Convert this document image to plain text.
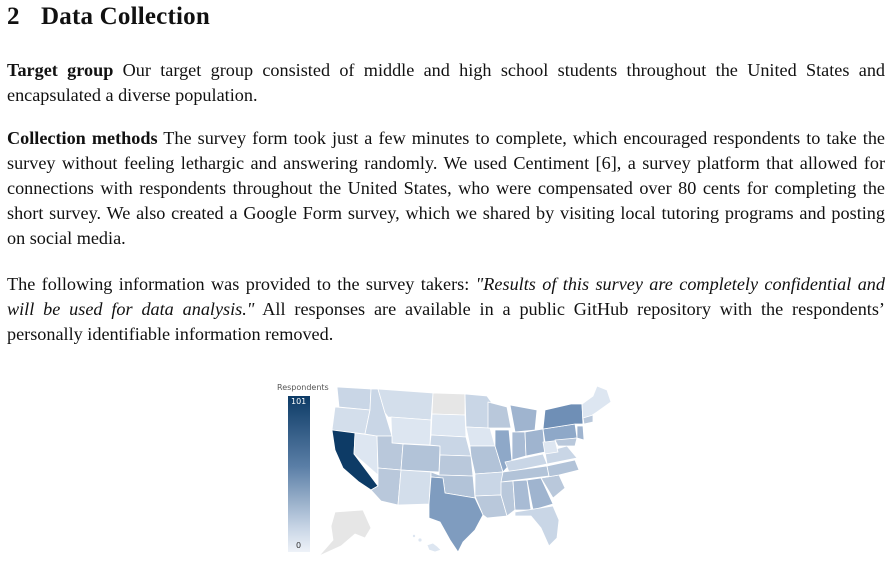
2 Data Collection

Target group Our target group consisted of middle and high school students throughout the United States and encapsulated a diverse population.

Collection methods The survey form took just a few minutes to complete, which encouraged respondents to take the survey without feeling lethargic and answering randomly. We used Centiment [6], a survey platform that allowed for connections with respondents throughout the United States, who were compensated over 80 cents for completing the short survey. We also created a Google Form survey, which we shared by visiting local tutoring programs and posting on social media.

The following information was provided to the survey takers: "Results of this survey are completely confidential and will be used for data analysis." All responses are available in a public GitHub repository with the respondents’ personally identifiable information removed.

Respondents
101
0
